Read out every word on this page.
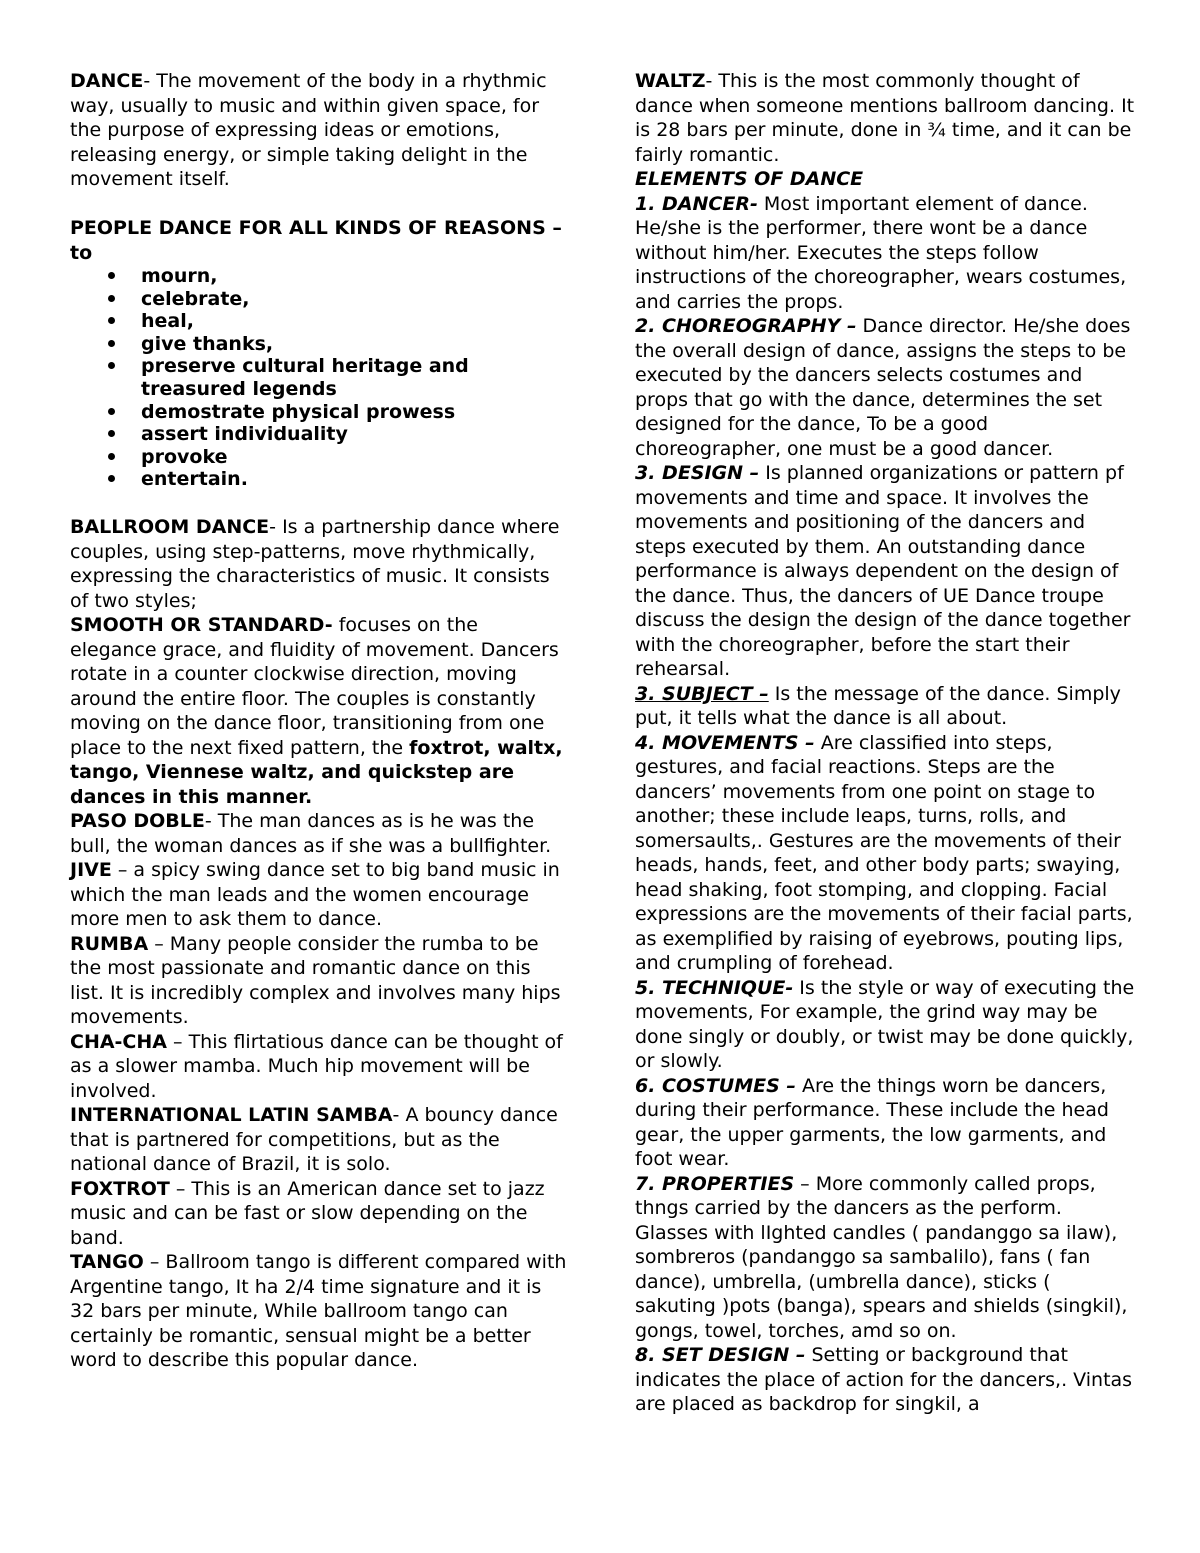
DANCE- The movement of the body in a rhythmic way, usually to music and within given space, for the purpose of expressing ideas or emotions, releasing energy, or simple taking delight in the movement itself.

PEOPLE DANCE FOR ALL KINDS OF REASONS – to

mourn,
celebrate,
heal,
give thanks,
preserve cultural heritage and treasured legends
demostrate physical prowess
assert individuality
provoke
entertain.

BALLROOM DANCE- Is a partnership dance where couples, using step-patterns, move rhythmically, expressing the characteristics of music. It consists of two styles;

SMOOTH OR STANDARD- focuses on the elegance grace, and fluidity of movement. Dancers rotate in a counter clockwise direction, moving around the entire floor. The couples is constantly moving on the dance floor, transitioning from one place to the next fixed pattern, the foxtrot, waltx, tango, Viennese waltz, and quickstep are dances in this manner.

PASO DOBLE- The man dances as is he was the bull, the woman dances as if she was a bullfighter.

JIVE – a spicy swing dance set to big band music in which the man leads and the women encourage more men to ask them to dance.

RUMBA – Many people consider the rumba to be the most passionate and romantic dance on this list. It is incredibly complex and involves many hips movements.

CHA-CHA – This flirtatious dance can be thought of as a slower mamba. Much hip movement will be involved.

INTERNATIONAL LATIN SAMBA- A bouncy dance that is partnered for competitions, but as the national dance of Brazil, it is solo.

FOXTROT – This is an American dance set to jazz music and can be fast or slow depending on the band.

TANGO – Ballroom tango is different compared with Argentine tango, It ha 2/4 time signature and it is 32 bars per minute, While ballroom tango can certainly be romantic, sensual might be a better word to describe this popular dance.

WALTZ- This is the most commonly thought of dance when someone mentions ballroom dancing. It is 28 bars per minute, done in ¾ time, and it can be fairly romantic.

ELEMENTS OF DANCE

1. DANCER- Most important element of dance. He/she is the performer, there wont be a dance without him/her. Executes the steps follow instructions of the choreographer, wears costumes, and carries the props.

2. CHOREOGRAPHY – Dance director. He/she does the overall design of dance, assigns the steps to be executed by the dancers selects costumes and props that go with the dance, determines the set designed for the dance, To be a good choreographer, one must be a good dancer.

3. DESIGN – Is planned organizations or pattern pf movements and time and space. It involves the movements and positioning of the dancers and steps executed by them. An outstanding dance performance is always dependent on the design of the dance. Thus, the dancers of UE Dance troupe discuss the design the design of the dance together with the choreographer, before the start their rehearsal.

3. SUBJECT – Is the message of the dance. Simply put, it tells what the dance is all about.

4. MOVEMENTS – Are classified into steps, gestures, and facial reactions. Steps are the dancers’ movements from one point on stage to another; these include leaps, turns, rolls, and somersaults,. Gestures are the movements of their heads, hands, feet, and other body parts; swaying, head shaking, foot stomping, and clopping. Facial expressions are the movements of their facial parts, as exemplified by raising of eyebrows, pouting lips, and crumpling of forehead.

5. TECHNIQUE- Is the style or way of executing the movements, For example, the grind way may be done singly or doubly, or twist may be done quickly, or slowly.

6. COSTUMES – Are the things worn be dancers, during their performance. These include the head gear, the upper garments, the low garments, and foot wear.

7. PROPERTIES – More commonly called props, thngs carried by the dancers as the perform. Glasses with lIghted candles ( pandanggo sa ilaw), sombreros (pandanggo sa sambalilo), fans ( fan dance), umbrella, (umbrella dance), sticks ( sakuting )pots (banga), spears and shields (singkil), gongs, towel, torches, amd so on.

8. SET DESIGN – Setting or background that indicates the place of action for the dancers,. Vintas are placed as backdrop for singkil, a
